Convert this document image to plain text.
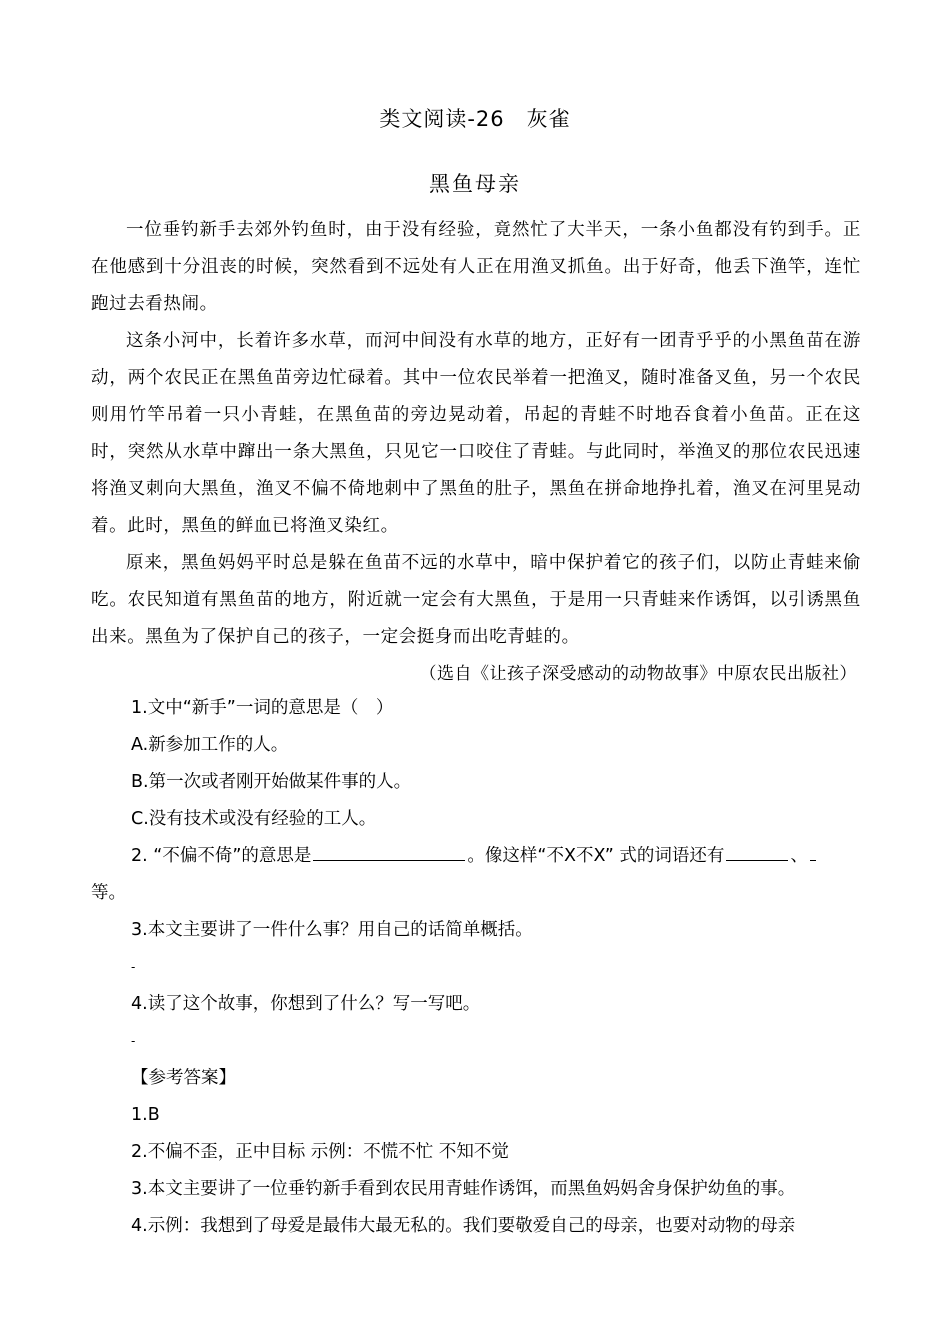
类文阅读-26　灰雀
黑鱼母亲

一位垂钓新手去郊外钓鱼时，由于没有经验，竟然忙了大半天，一条小鱼都没有钓到手。正在他感到十分沮丧的时候，突然看到不远处有人正在用渔叉抓鱼。出于好奇，他丢下渔竿，连忙跑过去看热闹。

这条小河中，长着许多水草，而河中间没有水草的地方，正好有一团青乎乎的小黑鱼苗在游动，两个农民正在黑鱼苗旁边忙碌着。其中一位农民举着一把渔叉，随时准备叉鱼，另一个农民则用竹竿吊着一只小青蛙，在黑鱼苗的旁边晃动着，吊起的青蛙不时地吞食着小鱼苗。正在这时，突然从水草中蹿出一条大黑鱼，只见它一口咬住了青蛙。与此同时，举渔叉的那位农民迅速将渔叉刺向大黑鱼，渔叉不偏不倚地刺中了黑鱼的肚子，黑鱼在拼命地挣扎着，渔叉在河里晃动着。此时，黑鱼的鲜血已将渔叉染红。

原来，黑鱼妈妈平时总是躲在鱼苗不远的水草中，暗中保护着它的孩子们，以防止青蛙来偷吃。农民知道有黑鱼苗的地方，附近就一定会有大黑鱼，于是用一只青蛙来作诱饵，以引诱黑鱼出来。黑鱼为了保护自己的孩子，一定会挺身而出吃青蛙的。

（选自《让孩子深受感动的动物故事》中原农民出版社）
1.文中“新手”一词的意思是（　）
A.新参加工作的人。
B.第一次或者刚开始做某件事的人。
C.没有技术或没有经验的工人。
2. “不偏不倚”的意思是	。像这样“不X不X” 式的词语还有	、
等。
3.本文主要讲了一件什么事？用自己的话简单概括。
-
4.读了这个故事，你想到了什么？写一写吧。
-
【参考答案】
1.B
2.不偏不歪，正中目标 示例：不慌不忙 不知不觉
3.本文主要讲了一位垂钓新手看到农民用青蛙作诱饵，而黑鱼妈妈舍身保护幼鱼的事。
4.示例：我想到了母爱是最伟大最无私的。我们要敬爱自己的母亲，也要对动物的母亲
